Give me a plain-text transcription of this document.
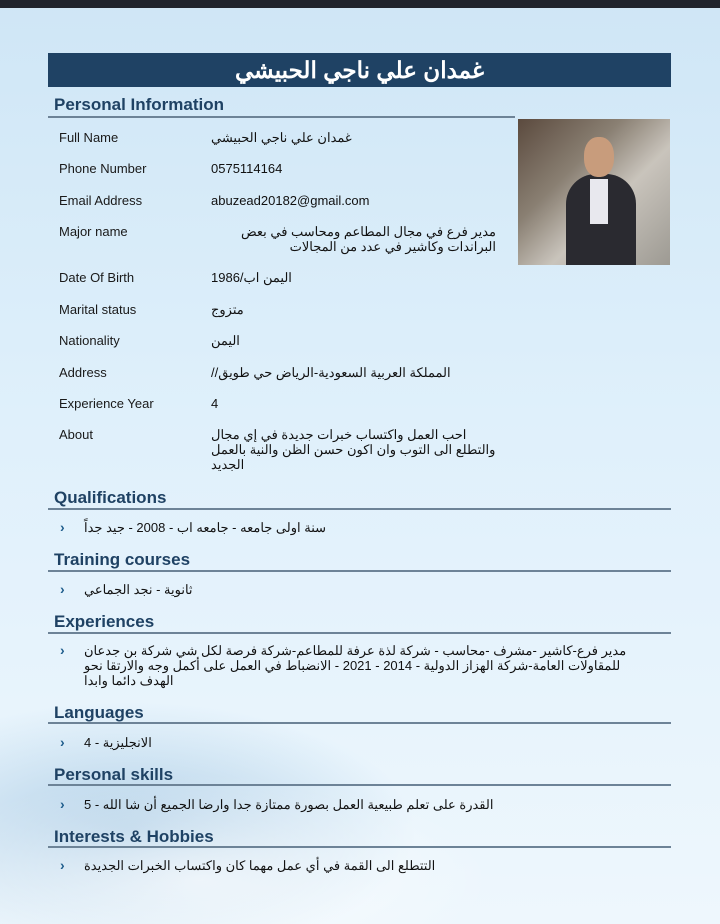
غمدان علي ناجي الحبيشي
Personal Information
Full Name	غمدان علي ناجي الحبيشي
Phone Number	0575114164
Email Address	abuzead20182@gmail.com
Major name	مدير فرع في مجال المطاعم ومحاسب في بعض البراندات وكاشير في عدد من المجالات
Date Of Birth	اليمن اب/1986
Marital status	متزوج
Nationality	اليمن
Address	المملكة العربية السعودية-الرياض حي طويق//
Experience Year	4
About	احب العمل واكتساب خبرات جديدة في إي مجال والتطلع الى التوب وان اكون حسن الظن والنية بالعمل الجديد
Qualifications
› سنة اولى جامعه - جامعه اب - 2008 - جيد جداً
Training courses
› ثانوية - نجد الجماعي
Experiences
› مدير فرع-كاشير -مشرف -محاسب - شركة لذة عرفة للمطاعم-شركة فرصة لكل شي شركة بن جدعان للمقاولات العامة-شركة الهزاز الدولية - 2014 - 2021 - الانضباط في العمل على أكمل وجه والارتقا نحو الهدف دائما وابدا
Languages
› الانجليزية - 4
Personal skills
› القدرة على تعلم طبيعية العمل بصورة ممتازة جدا وارضا الجميع أن شا الله - 5
Interests & Hobbies
› التتطلع الى القمة في أي عمل مهما كان واكتساب الخبرات الجديدة
